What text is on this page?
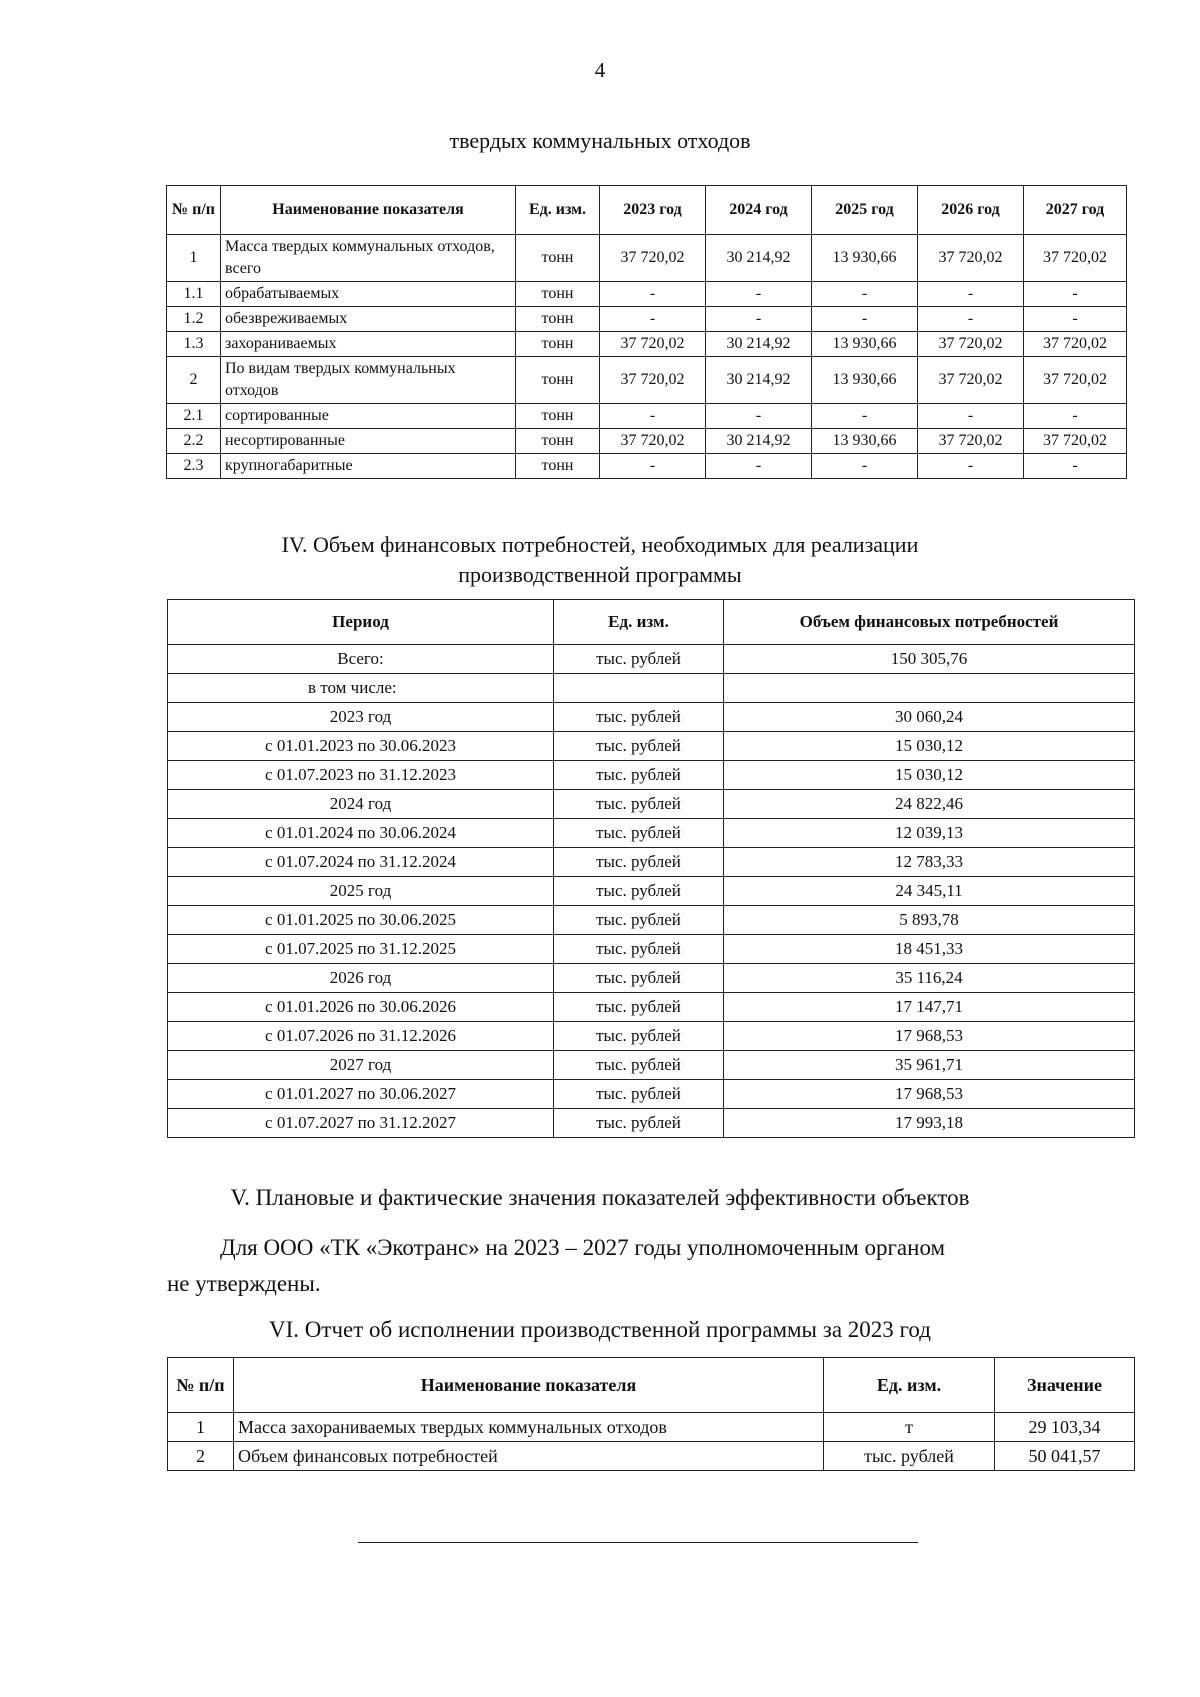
4
твердых коммунальных отходов
№ п/п	Наименование показателя	Ед. изм.	2023 год	2024 год	2025 год	2026 год	2027 год
1	Масса твердых коммунальных отходов, всего	тонн	37 720,02	30 214,92	13 930,66	37 720,02	37 720,02
1.1	обрабатываемых	тонн	-	-	-	-	-
1.2	обезвреживаемых	тонн	-	-	-	-	-
1.3	захораниваемых	тонн	37 720,02	30 214,92	13 930,66	37 720,02	37 720,02
2	По видам твердых коммунальных отходов	тонн	37 720,02	30 214,92	13 930,66	37 720,02	37 720,02
2.1	сортированные	тонн	-	-	-	-	-
2.2	несортированные	тонн	37 720,02	30 214,92	13 930,66	37 720,02	37 720,02
2.3	крупногабаритные	тонн	-	-	-	-	-
IV. Объем финансовых потребностей, необходимых для реализации
производственной программы
Период	Ед. изм.	Объем финансовых потребностей
Всего:	тыс. рублей	150 305,76
в том числе:		
2023 год	тыс. рублей	30 060,24
с 01.01.2023 по 30.06.2023	тыс. рублей	15 030,12
с 01.07.2023 по 31.12.2023	тыс. рублей	15 030,12
2024 год	тыс. рублей	24 822,46
с 01.01.2024 по 30.06.2024	тыс. рублей	12 039,13
с 01.07.2024 по 31.12.2024	тыс. рублей	12 783,33
2025 год	тыс. рублей	24 345,11
с 01.01.2025 по 30.06.2025	тыс. рублей	5 893,78
с 01.07.2025 по 31.12.2025	тыс. рублей	18 451,33
2026 год	тыс. рублей	35 116,24
с 01.01.2026 по 30.06.2026	тыс. рублей	17 147,71
с 01.07.2026 по 31.12.2026	тыс. рублей	17 968,53
2027 год	тыс. рублей	35 961,71
с 01.01.2027 по 30.06.2027	тыс. рублей	17 968,53
с 01.07.2027 по 31.12.2027	тыс. рублей	17 993,18
V. Плановые и фактические значения показателей эффективности объектов
Для ООО «ТК «Экотранс» на 2023 – 2027 годы уполномоченным органом
не утверждены.
VI. Отчет об исполнении производственной программы за 2023 год
№ п/п	Наименование показателя	Ед. изм.	Значение
1	Масса захораниваемых твердых коммунальных отходов	т	29 103,34
2	Объем финансовых потребностей	тыс. рублей	50 041,57
